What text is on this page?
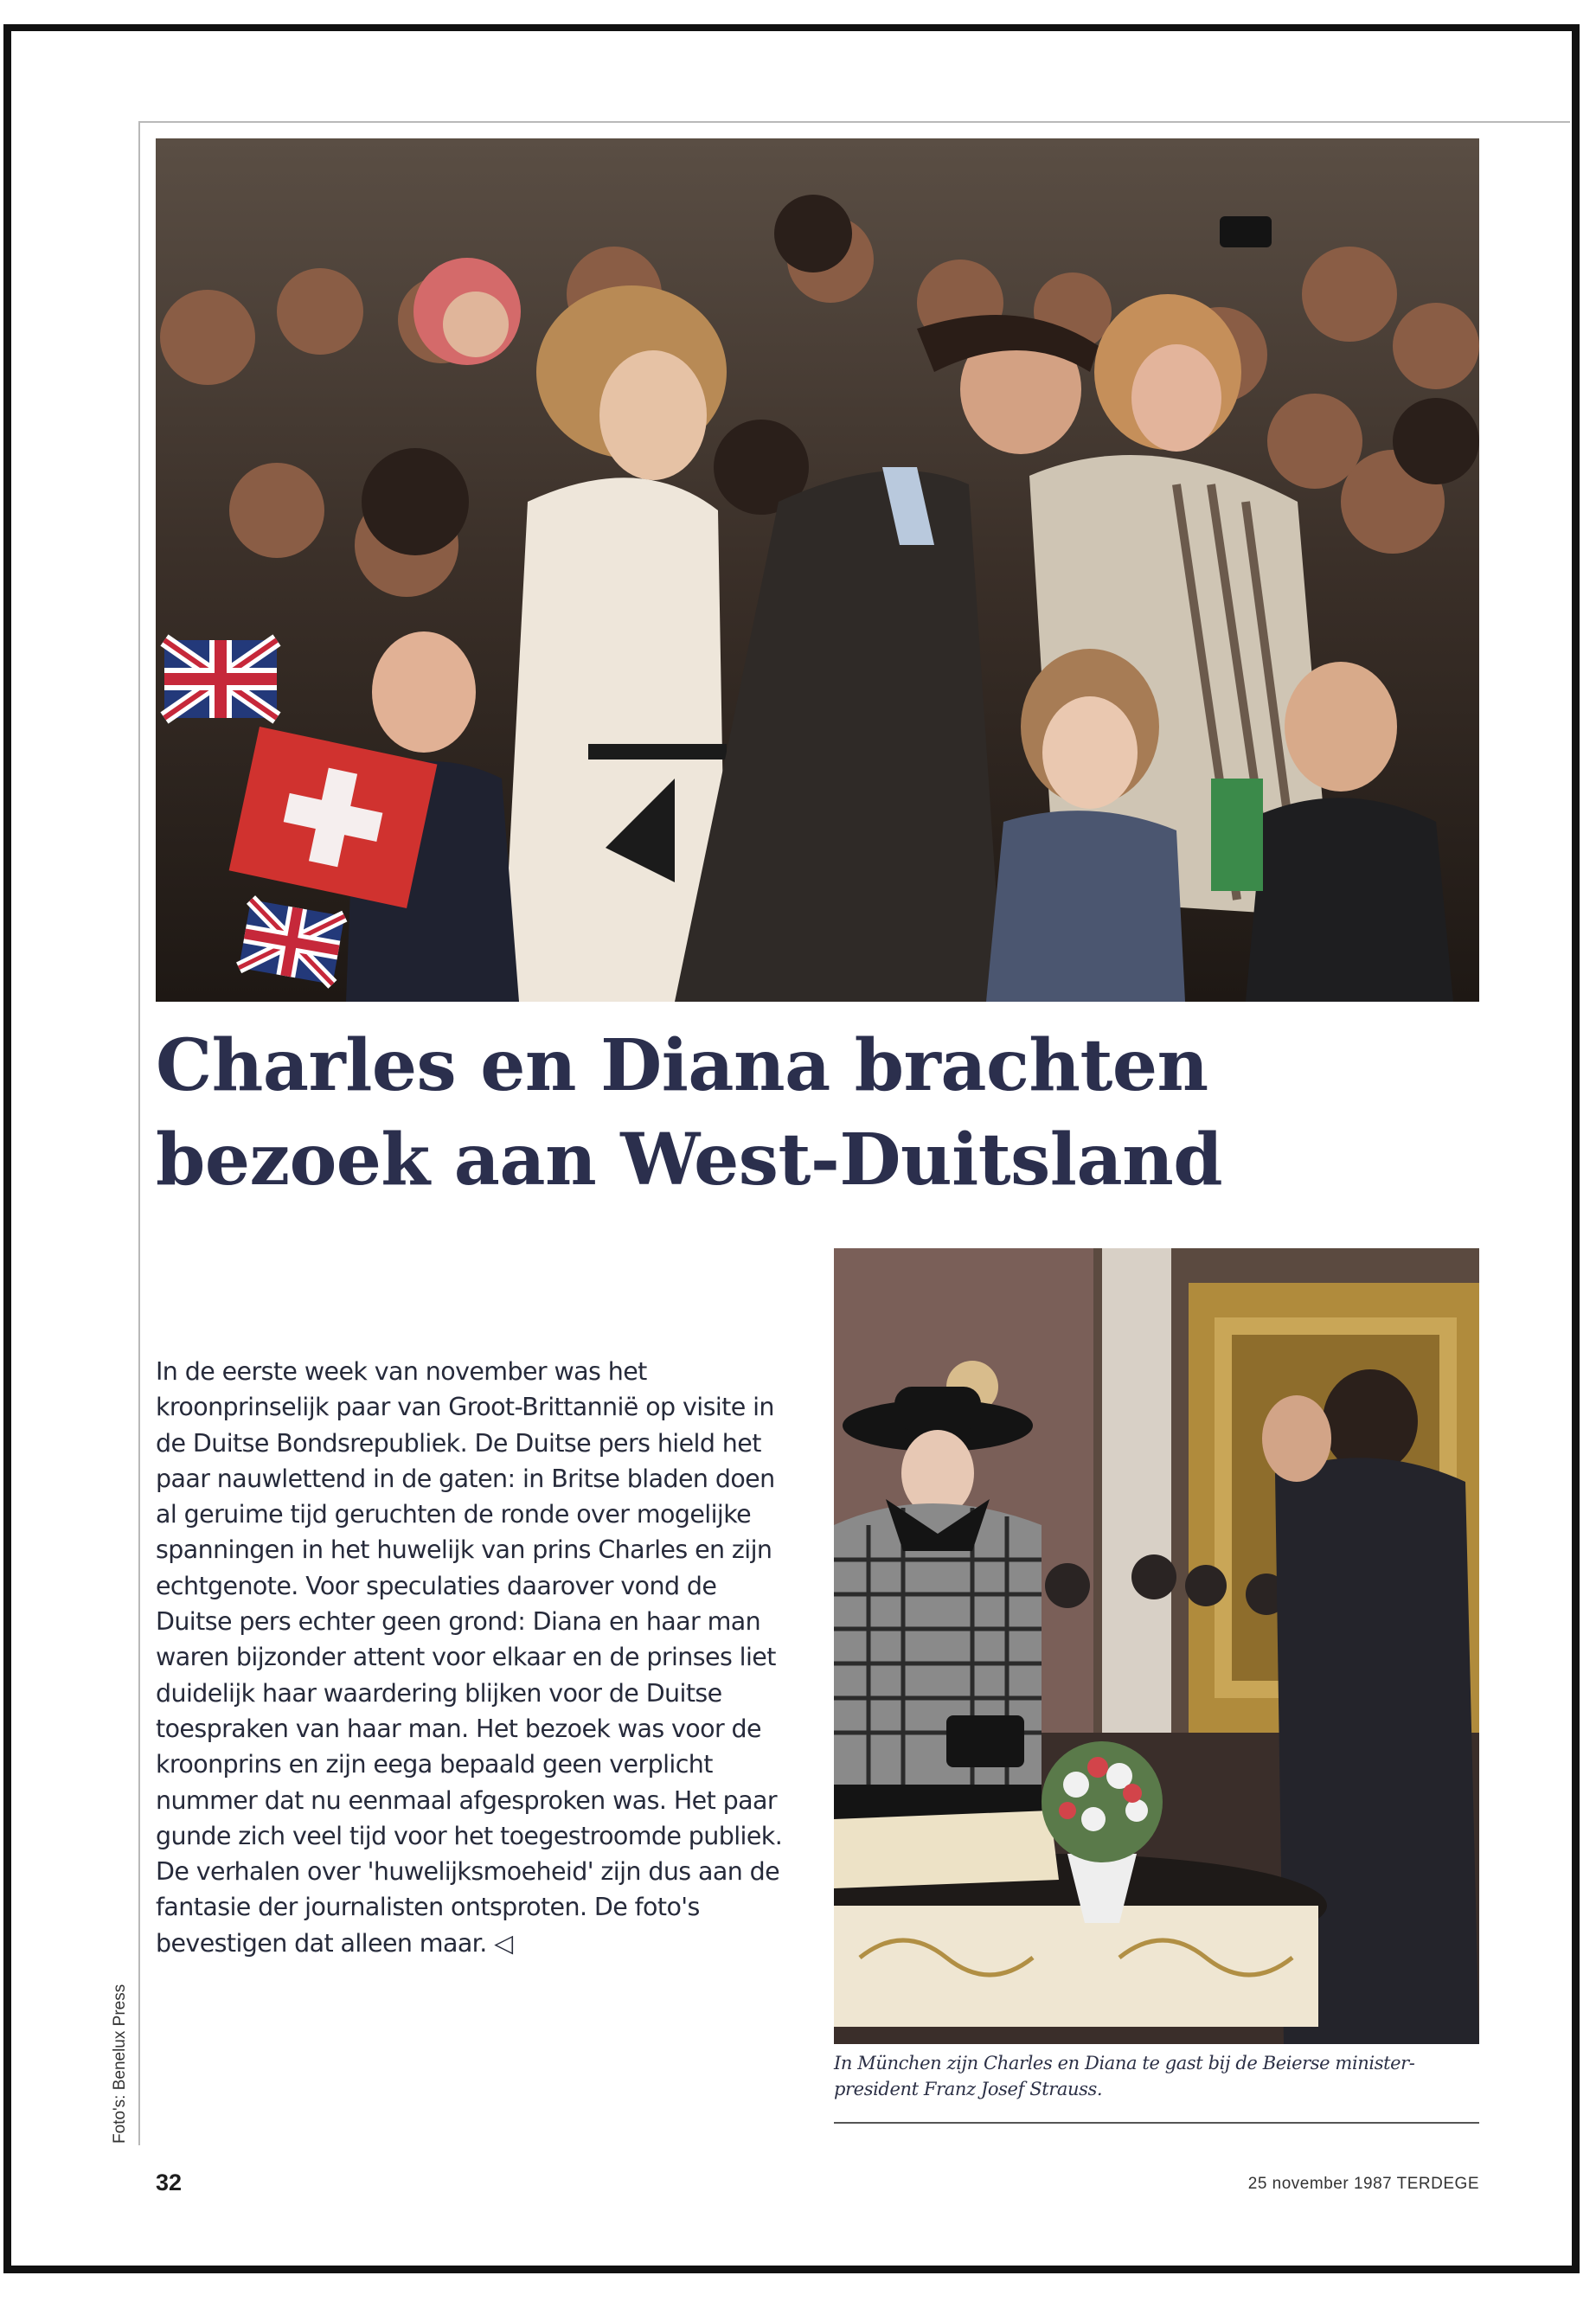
Charles en Diana brachten
bezoek aan West-Duitsland

In de eerste week van november was het kroonprinselijk paar van Groot-Brittannië op visite in de Duitse Bondsrepubliek. De Duitse pers hield het paar nauwlettend in de gaten: in Britse bladen doen al geruime tijd geruchten de ronde over mogelijke spanningen in het huwelijk van prins Charles en zijn echtgenote. Voor speculaties daarover vond de Duitse pers echter geen grond: Diana en haar man waren bijzonder attent voor elkaar en de prinses liet duidelijk haar waardering blijken voor de Duitse toespraken van haar man. Het bezoek was voor de kroonprins en zijn eega bepaald geen verplicht nummer dat nu eenmaal afgesproken was. Het paar gunde zich veel tijd voor het toegestroomde publiek. De verhalen over 'huwelijksmoeheid' zijn dus aan de fantasie der journalisten ontsproten. De foto's bevestigen dat alleen maar. ◁

Foto's: Benelux Press	In München zijn Charles en Diana te gast bij de Beierse minister-president Franz Josef Strauss.

32	25 november 1987 TERDEGE
